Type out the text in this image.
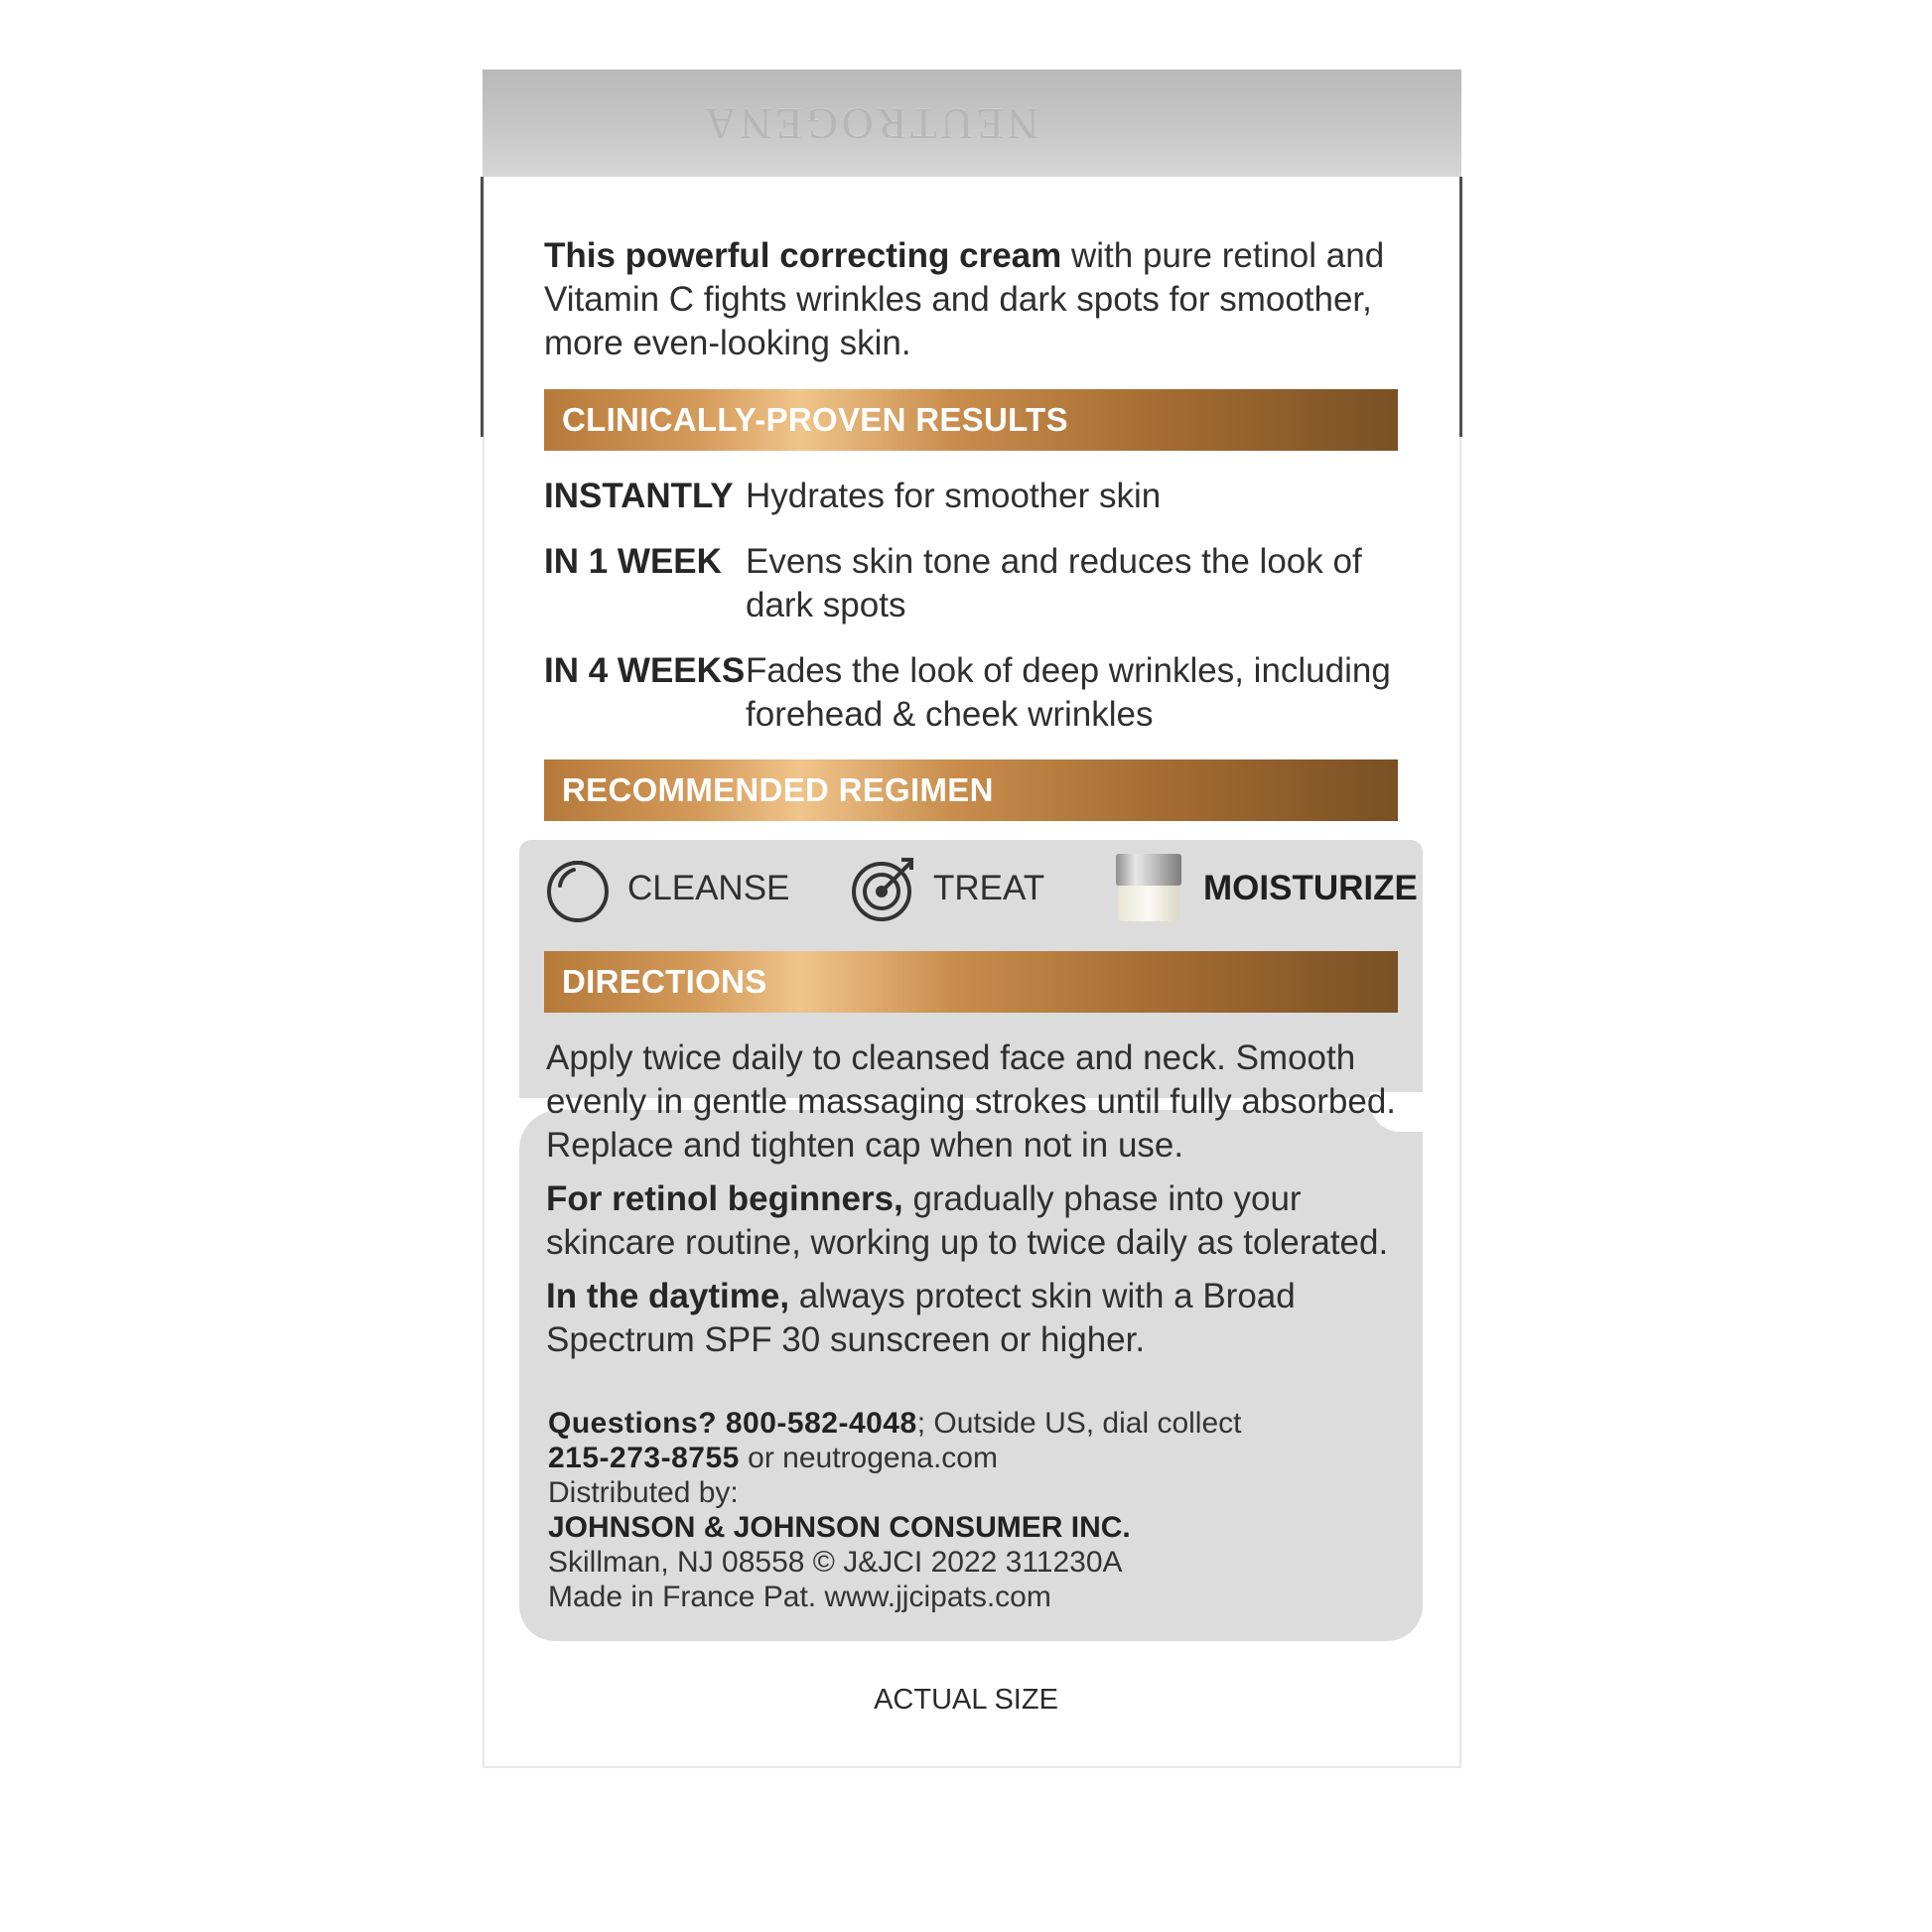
NEUTROGENA
This powerful correcting cream with pure retinol and Vitamin C fights wrinkles and dark spots for smoother, more even-looking skin.
CLINICALLY-PROVEN RESULTS
INSTANTLY Hydrates for smoother skin
IN 1 WEEK Evens skin tone and reduces the look of dark spots
IN 4 WEEKS Fades the look of deep wrinkles, including forehead & cheek wrinkles
RECOMMENDED REGIMEN
CLEANSE	TREAT	MOISTURIZE
DIRECTIONS
Apply twice daily to cleansed face and neck. Smooth evenly in gentle massaging strokes until fully absorbed. Replace and tighten cap when not in use.
For retinol beginners, gradually phase into your skincare routine, working up to twice daily as tolerated.
In the daytime, always protect skin with a Broad Spectrum SPF 30 sunscreen or higher.
Questions? 800-582-4048; Outside US, dial collect
215-273-8755 or neutrogena.com
Distributed by:
JOHNSON & JOHNSON CONSUMER INC.
Skillman, NJ 08558 © J&JCI 2022 311230A
Made in France Pat. www.jjcipats.com
ACTUAL SIZE
